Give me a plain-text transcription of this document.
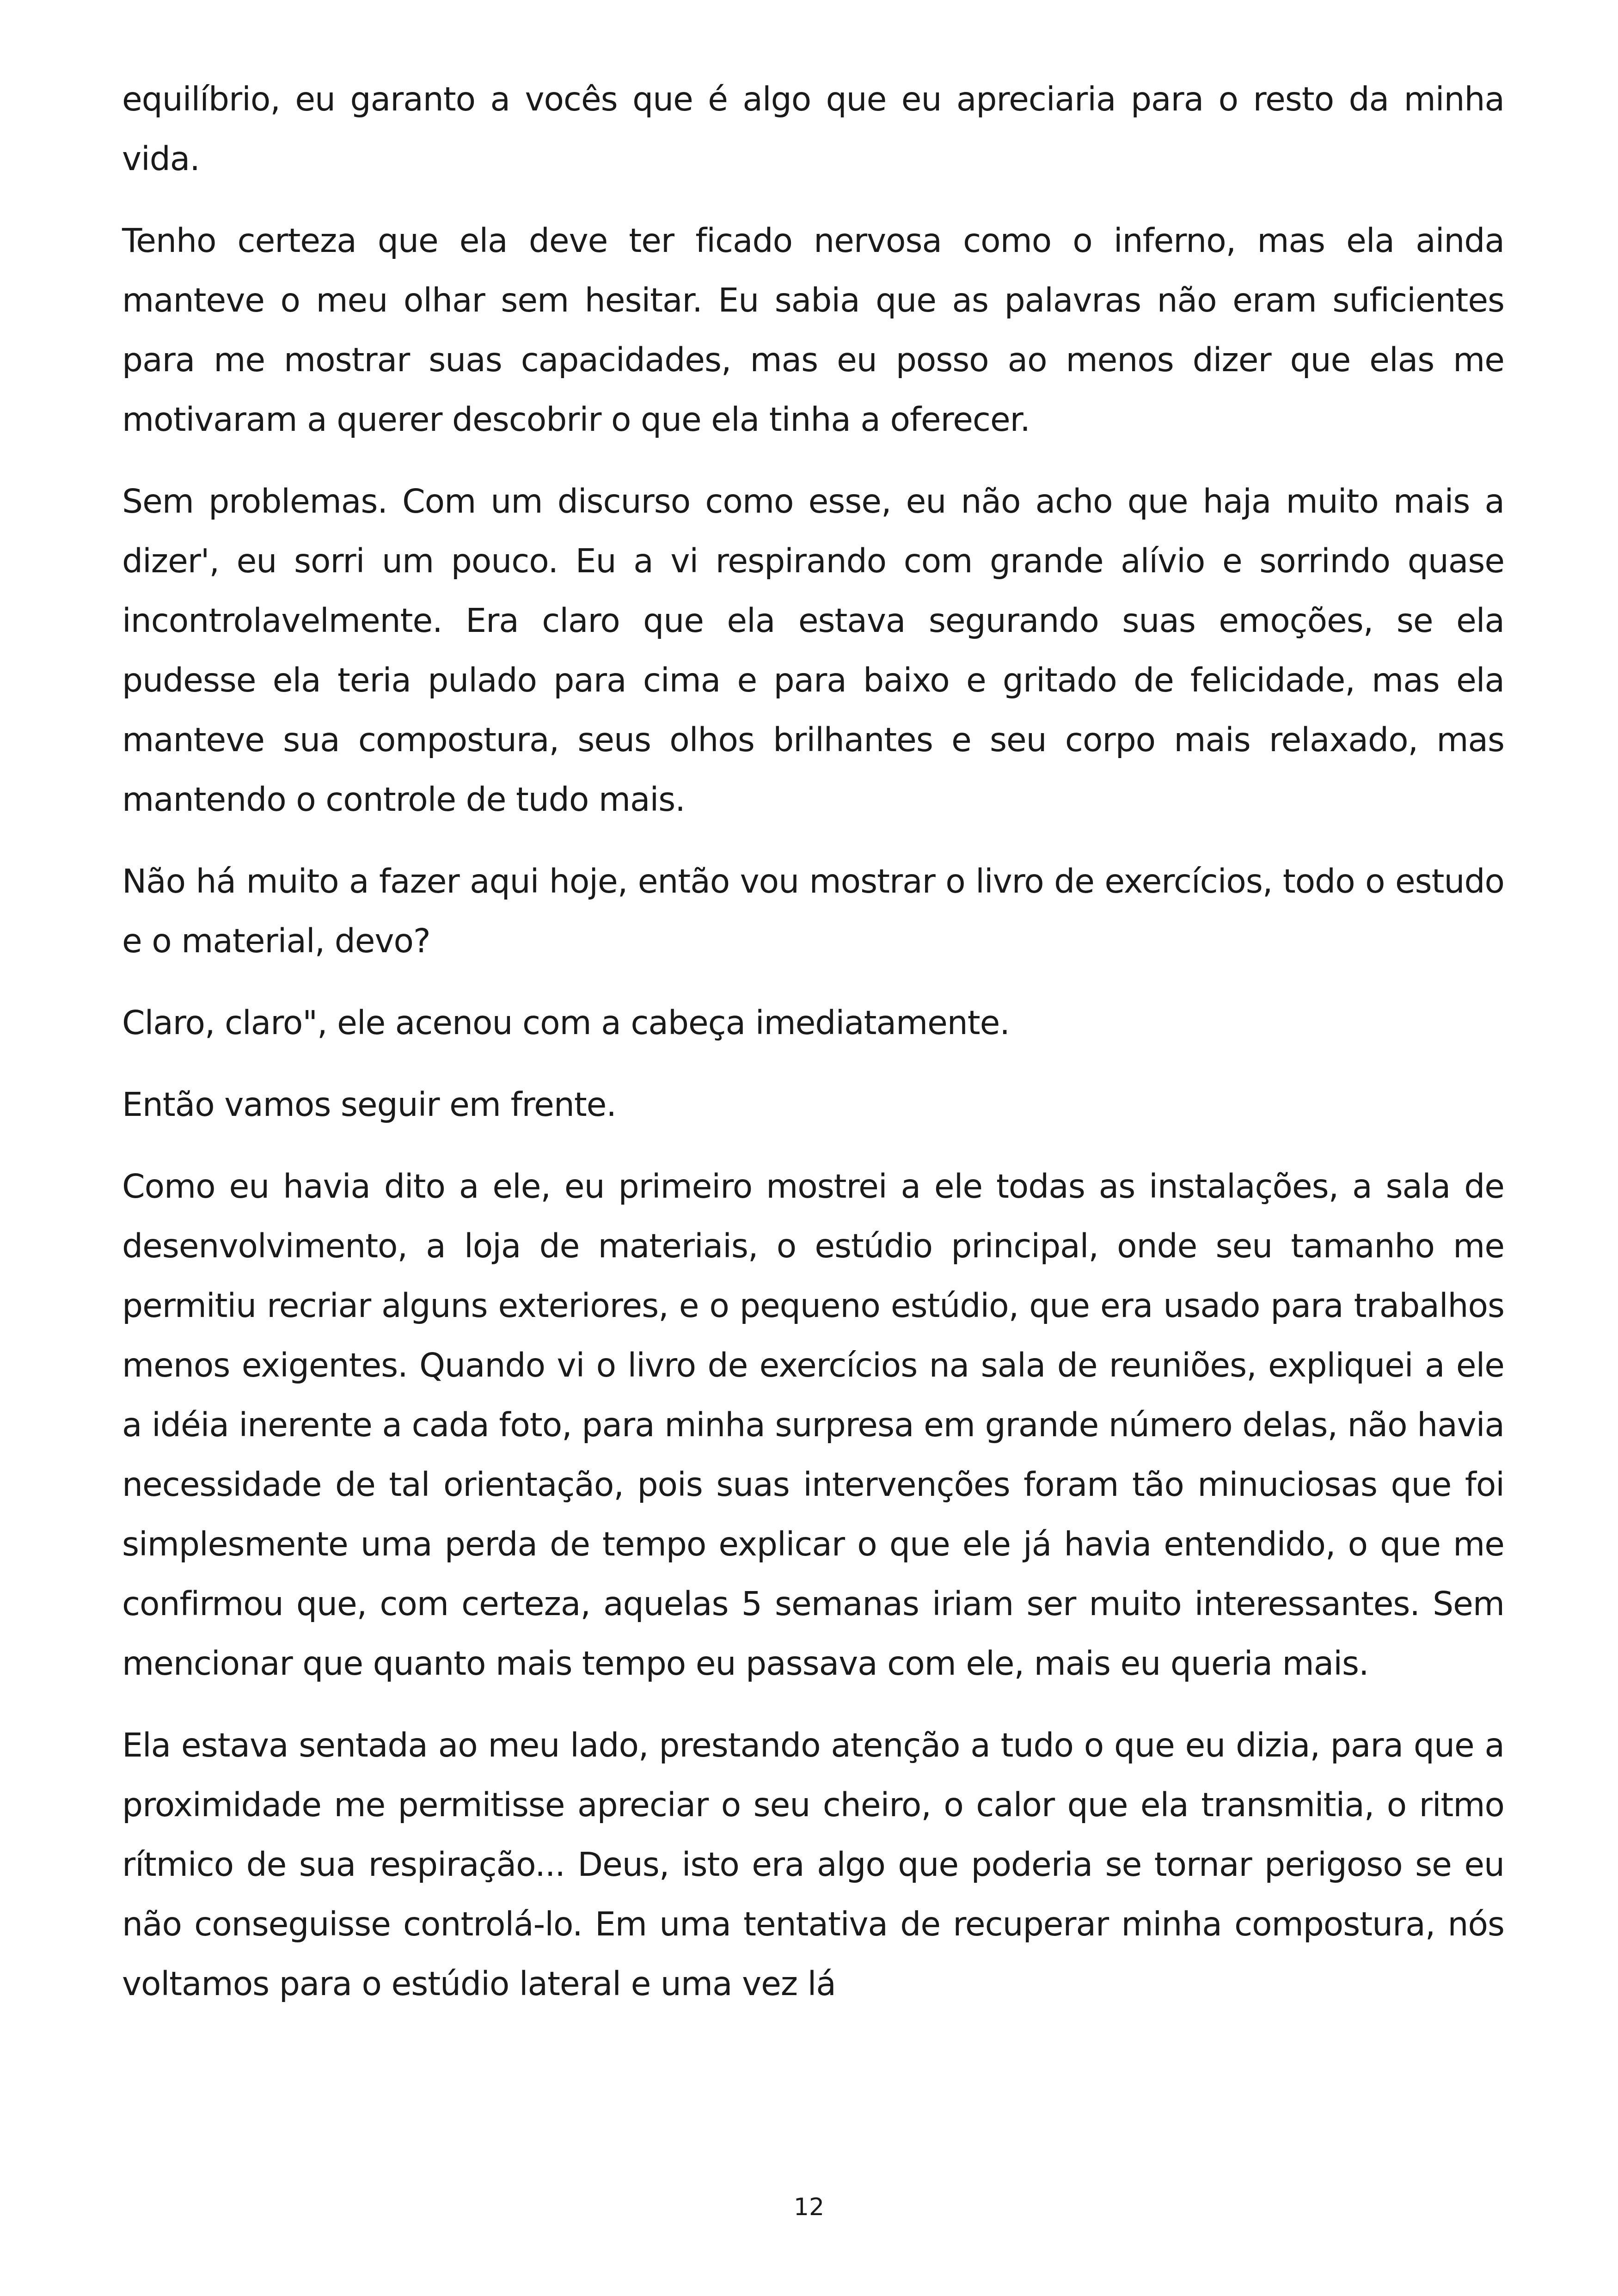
equilíbrio, eu garanto a vocês que é algo que eu apreciaria para o resto da minha vida.

Tenho certeza que ela deve ter ficado nervosa como o inferno, mas ela ainda manteve o meu olhar sem hesitar. Eu sabia que as palavras não eram suficientes para me mostrar suas capacidades, mas eu posso ao menos dizer que elas me motivaram a querer descobrir o que ela tinha a oferecer.

Sem problemas. Com um discurso como esse, eu não acho que haja muito mais a dizer', eu sorri um pouco. Eu a vi respirando com grande alívio e sorrindo quase incontrolavelmente. Era claro que ela estava segurando suas emoções, se ela pudesse ela teria pulado para cima e para baixo e gritado de felicidade, mas ela manteve sua compostura, seus olhos brilhantes e seu corpo mais relaxado, mas mantendo o controle de tudo mais.

Não há muito a fazer aqui hoje, então vou mostrar o livro de exercícios, todo o estudo e o material, devo?

Claro, claro", ele acenou com a cabeça imediatamente.

Então vamos seguir em frente.

Como eu havia dito a ele, eu primeiro mostrei a ele todas as instalações, a sala de desenvolvimento, a loja de materiais, o estúdio principal, onde seu tamanho me permitiu recriar alguns exteriores, e o pequeno estúdio, que era usado para trabalhos menos exigentes. Quando vi o livro de exercícios na sala de reuniões, expliquei a ele a idéia inerente a cada foto, para minha surpresa em grande número delas, não havia necessidade de tal orientação, pois suas intervenções foram tão minuciosas que foi simplesmente uma perda de tempo explicar o que ele já havia entendido, o que me confirmou que, com certeza, aquelas 5 semanas iriam ser muito interessantes. Sem mencionar que quanto mais tempo eu passava com ele, mais eu queria mais.

Ela estava sentada ao meu lado, prestando atenção a tudo o que eu dizia, para que a proximidade me permitisse apreciar o seu cheiro, o calor que ela transmitia, o ritmo rítmico de sua respiração... Deus, isto era algo que poderia se tornar perigoso se eu não conseguisse controlá-lo. Em uma tentativa de recuperar minha compostura, nós voltamos para o estúdio lateral e uma vez lá

12
